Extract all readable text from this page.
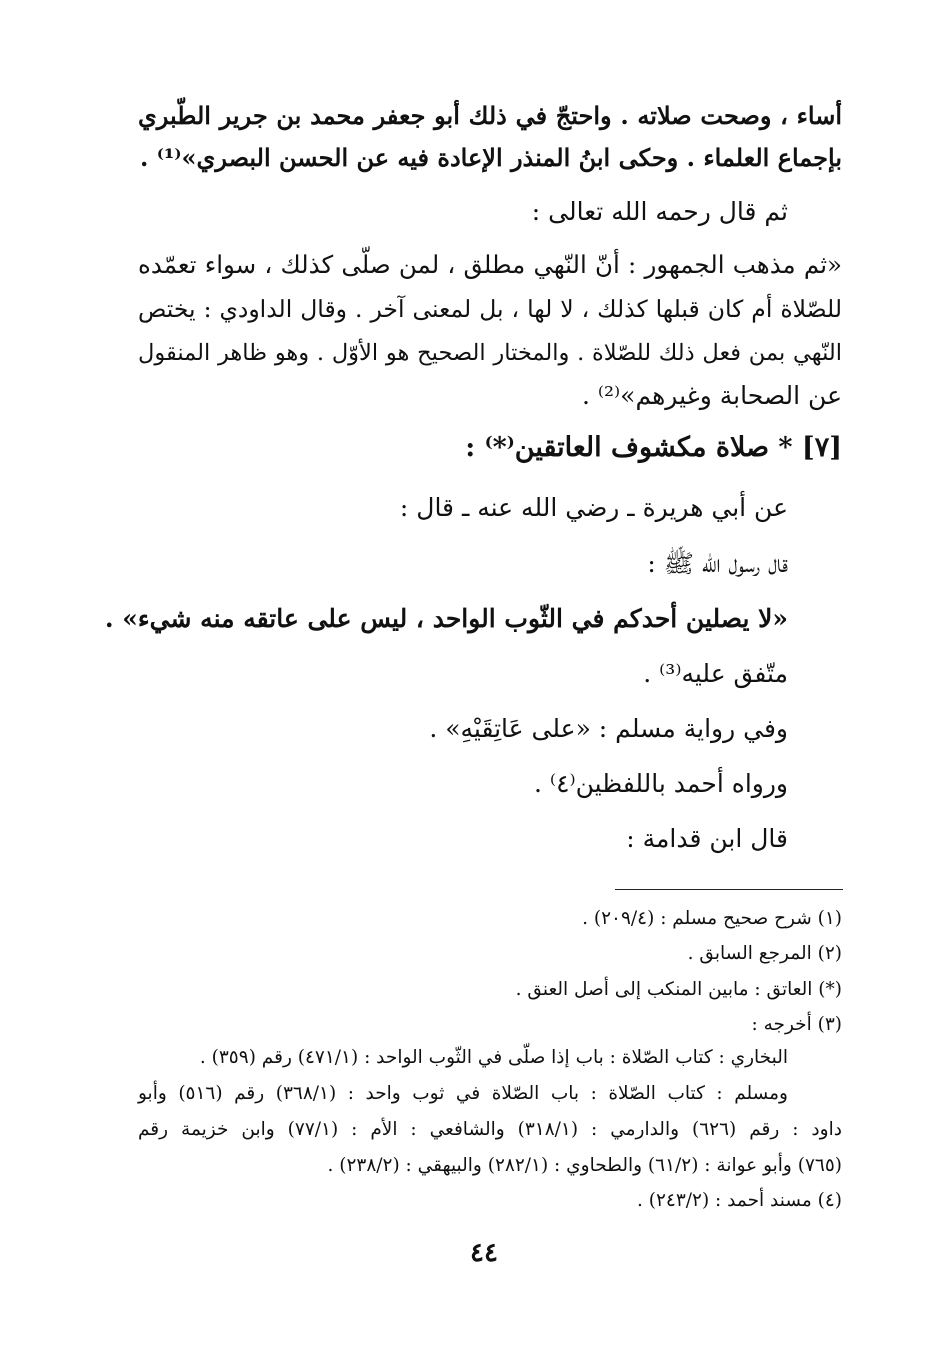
أساء ، وصحت صلاته . واحتجّ في ذلك أبو جعفر محمد بن جرير الطّبري
بإجماع العلماء . وحكى ابنُ المنذر الإعادة فيه عن الحسن البصري»⁽¹⁾ .
ثم قال رحمه الله تعالى :
«ثم مذهب الجمهور : أنّ النّهي مطلق ، لمن صلّى كذلك ، سواء تعمّده
للصّلاة أم كان قبلها كذلك ، لا لها ، بل لمعنى آخر . وقال الداودي : يختص
النّهي بمن فعل ذلك للصّلاة . والمختار الصحيح هو الأوّل . وهو ظاهر المنقول
عن الصحابة وغيرهم»⁽²⁾ .
[٧] * صلاة مكشوف العاتقين⁽*⁾ :
عن أبي هريرة ـ رضي الله عنه ـ قال :
قال رسول الله ﷺ :
«لا يصلين أحدكم في الثّوب الواحد ، ليس على عاتقه منه شيء» .
متّفق عليه⁽³⁾ .
وفي رواية مسلم : «على عَاتِقَيْهِ» .
ورواه أحمد باللفظين⁽٤⁾ .
قال ابن قدامة :
(١) شرح صحيح مسلم : (٢٠٩/٤) .
(٢) المرجع السابق .
(*) العاتق : مابين المنكب إلى أصل العنق .
(٣) أخرجه :
البخاري : كتاب الصّلاة : باب إذا صلّى في الثّوب الواحد : (٤٧١/١) رقم (٣٥٩) .
ومسلم : كتاب الصّلاة : باب الصّلاة في ثوب واحد : (٣٦٨/١) رقم (٥١٦) وأبو
داود : رقم (٦٢٦) والدارمي : (٣١٨/١) والشافعي : الأم : (٧٧/١) وابن خزيمة رقم
(٧٦٥) وأبو عوانة : (٦١/٢) والطحاوي : (٢٨٢/١) والبيهقي : (٢٣٨/٢) .
(٤) مسند أحمد : (٢٤٣/٢) .
٤٤
